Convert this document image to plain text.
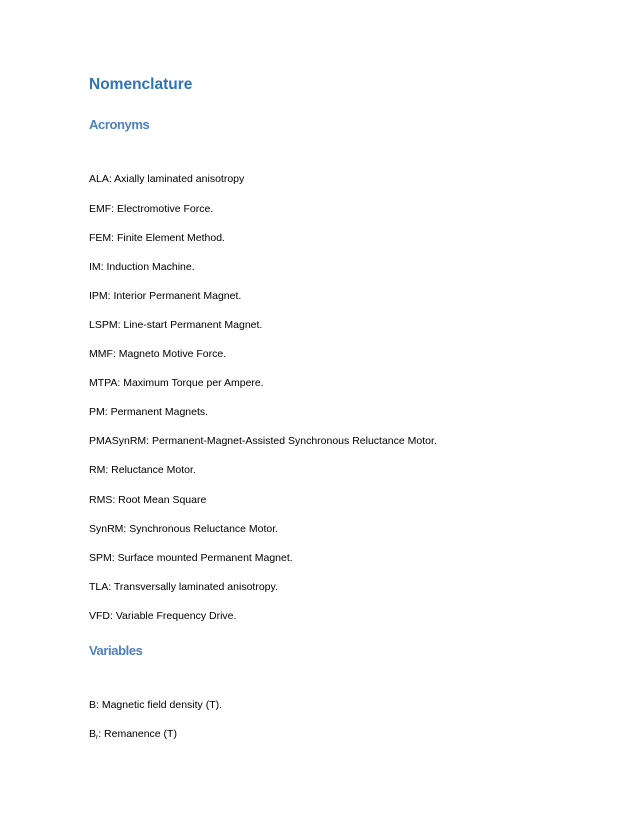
Nomenclature
Acronyms
ALA: Axially laminated anisotropy
EMF: Electromotive Force.
FEM: Finite Element Method.
IM: Induction Machine.
IPM: Interior Permanent Magnet.
LSPM: Line-start Permanent Magnet.
MMF: Magneto Motive Force.
MTPA: Maximum Torque per Ampere.
PM: Permanent Magnets.
PMASynRM: Permanent-Magnet-Assisted Synchronous Reluctance Motor.
RM: Reluctance Motor.
RMS: Root Mean Square
SynRM: Synchronous Reluctance Motor.
SPM: Surface mounted Permanent Magnet.
TLA: Transversally laminated anisotropy.
VFD: Variable Frequency Drive.
Variables
B: Magnetic field density (T).
$B_r$: Remanence (T)
